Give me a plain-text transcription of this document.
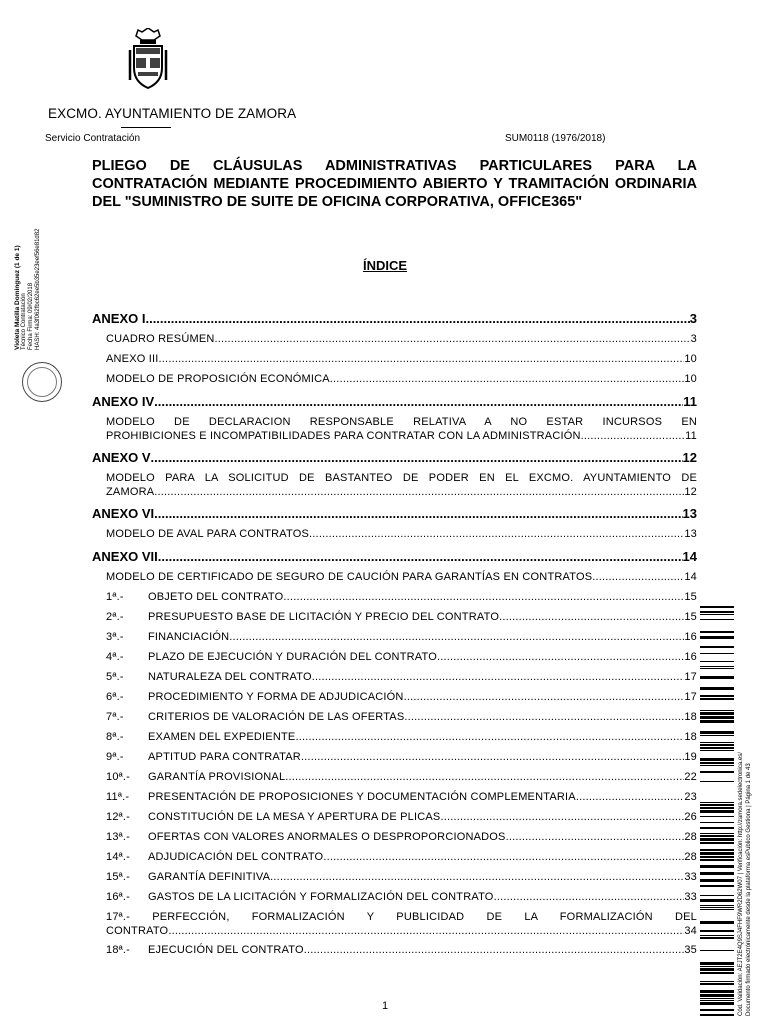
EXCMO. AYUNTAMIENTO DE ZAMORA
Servicio Contratación	SUM0118 (1976/2018)

PLIEGO DE CLÁUSULAS ADMINISTRATIVAS PARTICULARES PARA LA CONTRATACIÓN MEDIANTE PROCEDIMIENTO ABIERTO Y TRAMITACIÓN ORDINARIA DEL "SUMINISTRO DE SUITE DE OFICINA CORPORATIVA, OFFICE365"

ÍNDICE
ANEXO I .....	3
CUADRO RESÚMEN .....	3
ANEXO III .....	10
MODELO DE PROPOSICIÓN ECONÓMICA .....	10
ANEXO IV .....	11
MODELO DE DECLARACION RESPONSABLE RELATIVA A NO ESTAR INCURSOS EN
PROHIBICIONES E INCOMPATIBILIDADES PARA CONTRATAR CON LA ADMINISTRACIÓN .....	11
ANEXO V .....	12
MODELO PARA LA SOLICITUD DE BASTANTEO DE PODER EN EL EXCMO. AYUNTAMIENTO DE
ZAMORA .....	12
ANEXO VI .....	13
MODELO DE AVAL PARA CONTRATOS .....	13
ANEXO VII .....	14
MODELO DE CERTIFICADO DE SEGURO DE CAUCIÓN PARA GARANTÍAS EN CONTRATOS .....	14
1ª.- OBJETO DEL CONTRATO .....	15
2ª.- PRESUPUESTO BASE DE LICITACIÓN Y PRECIO DEL CONTRATO .....	15
3ª.- FINANCIACIÓN .....	16
4ª.- PLAZO DE EJECUCIÓN Y DURACIÓN DEL CONTRATO .....	16
5ª.- NATURALEZA DEL CONTRATO .....	17
6ª.- PROCEDIMIENTO Y FORMA DE ADJUDICACIÓN .....	17
7ª.- CRITERIOS DE VALORACIÓN DE LAS OFERTAS .....	18
8ª.- EXAMEN DEL EXPEDIENTE .....	18
9ª.- APTITUD PARA CONTRATAR .....	19
10ª.- GARANTÍA PROVISIONAL .....	22
11ª.- PRESENTACIÓN DE PROPOSICIONES Y DOCUMENTACIÓN COMPLEMENTARIA .....	23
12ª.- CONSTITUCIÓN DE LA MESA Y APERTURA DE PLICAS .....	26
13ª.- OFERTAS CON VALORES ANORMALES O DESPROPORCIONADOS .....	28
14ª.- ADJUDICACIÓN DEL CONTRATO .....	28
15ª.- GARANTÍA DEFINITIVA .....	33
16ª.- GASTOS DE LA LICITACIÓN Y FORMALIZACIÓN DEL CONTRATO .....	33
17ª.- PERFECCIÓN, FORMALIZACIÓN Y PUBLICIDAD DE LA FORMALIZACIÓN DEL
CONTRATO .....	34
18ª.- EJECUCIÓN DEL CONTRATO .....	35
Violeta Matilla Dominguez (1 de 1) Técnico Contratación Fecha Firma: 09/02/2018 HASH: 4a3f062fbc62ee5b35e23eef56e81d82
Cód. Validación: AEJT2E4Q9SJ4FHF9WR2D62W07 | Verificación: http://zamora.sedelectronica.es/ Documento firmado electrónicamente desde la plataforma esPublico Gestiona | Página 1 de 43
1
